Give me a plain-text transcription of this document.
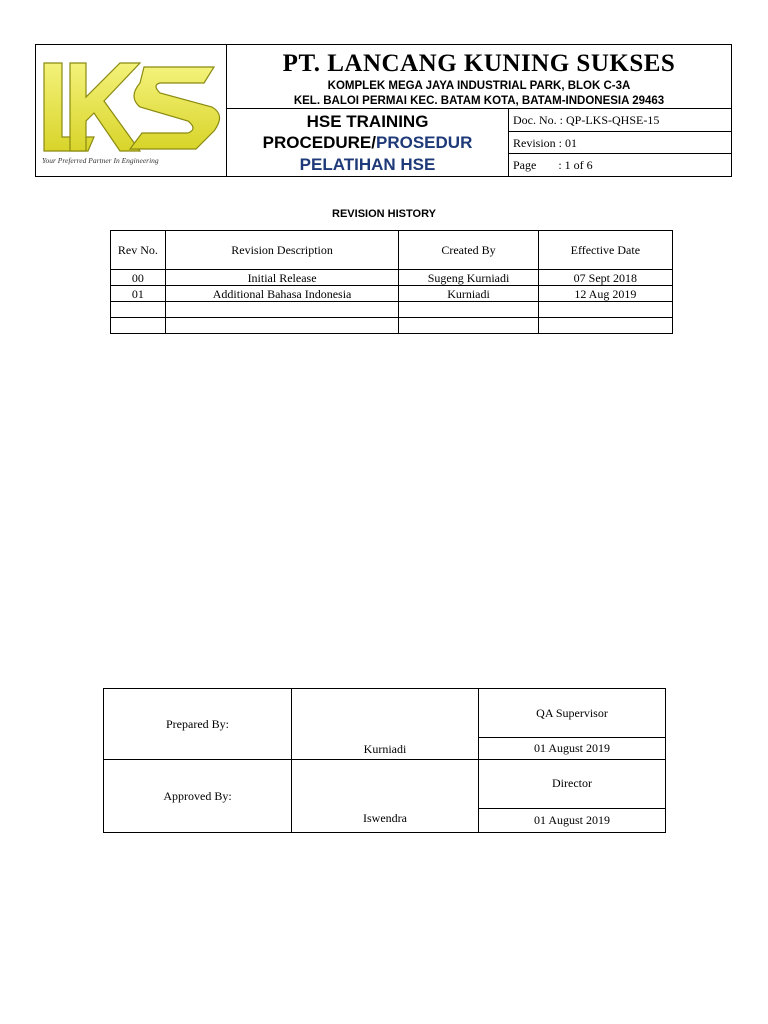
Your Preferred Partner In Engineering
PT. LANCANG KUNING SUKSES
KOMPLEK MEGA JAYA INDUSTRIAL PARK, BLOK C-3A
KEL. BALOI PERMAI KEC. BATAM KOTA, BATAM-INDONESIA 29463
HSE TRAINING
PROCEDURE/PROSEDUR
PELATIHAN HSE
Doc. No. : QP-LKS-QHSE-15
Revision : 01
Page : 1 of 6
REVISION HISTORY
Rev No.	Revision Description	Created By	Effective Date
00	Initial Release	Sugeng Kurniadi	07 Sept 2018
01	Additional Bahasa Indonesia	Kurniadi	12 Aug 2019

Prepared By:	Kurniadi	QA Supervisor
		01 August 2019
Approved By:	Iswendra	Director
		01 August 2019
